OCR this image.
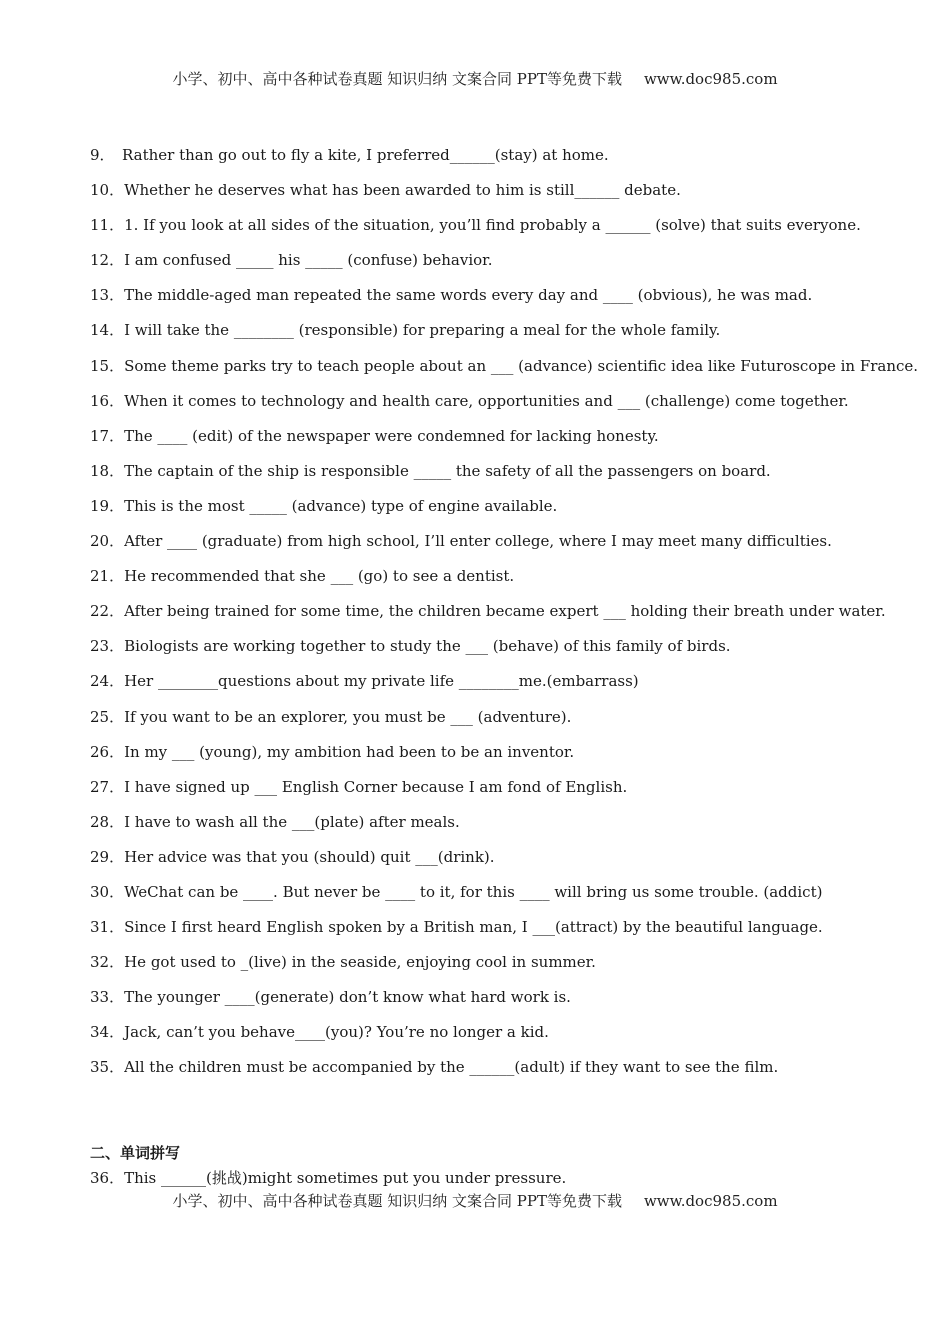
小学、初中、高中各种试卷真题 知识归纳 文案合同 PPT等免费下载 www.doc985.com
9． Rather than go out to fly a kite, I preferred______(stay) at home.
10．Whether he deserves what has been awarded to him is still______ debate.
11．1. If you look at all sides of the situation, you’ll find probably a ______ (solve) that suits everyone.
12．I am confused _____ his _____ (confuse) behavior.
13．The middle-aged man repeated the same words every day and ____ (obvious), he was mad.
14．I will take the ________ (responsible) for preparing a meal for the whole family.
15．Some theme parks try to teach people about an ___ (advance) scientific idea like Futuroscope in France.
16．When it comes to technology and health care, opportunities and ___ (challenge) come together.
17．The ____ (edit) of the newspaper were condemned for lacking honesty.
18．The captain of the ship is responsible _____ the safety of all the passengers on board.
19．This is the most _____ (advance) type of engine available.
20．After ____ (graduate) from high school, I’ll enter college, where I may meet many difficulties.
21．He recommended that she ___ (go) to see a dentist.
22．After being trained for some time, the children became expert ___ holding their breath under water.
23．Biologists are working together to study the ___ (behave) of this family of birds.
24．Her ________questions about my private life ________me.(embarrass)
25．If you want to be an explorer, you must be ___ (adventure).
26．In my ___ (young), my ambition had been to be an inventor.
27．I have signed up ___ English Corner because I am fond of English.
28．I have to wash all the ___(plate) after meals.
29．Her advice was that you (should) quit ___(drink).
30．WeChat can be ____. But never be ____ to it, for this ____ will bring us some trouble. (addict)
31．Since I first heard English spoken by a British man, I ___(attract) by the beautiful language.
32．He got used to _(live) in the seaside, enjoying cool in summer.
33．The younger ____(generate) don’t know what hard work is.
34．Jack, can’t you behave____(you)? You’re no longer a kid.
35．All the children must be accompanied by the ______(adult) if they want to see the film.
二、单词拼写
36．This ______(挑战)might sometimes put you under pressure.
小学、初中、高中各种试卷真题 知识归纳 文案合同 PPT等免费下载 www.doc985.com
